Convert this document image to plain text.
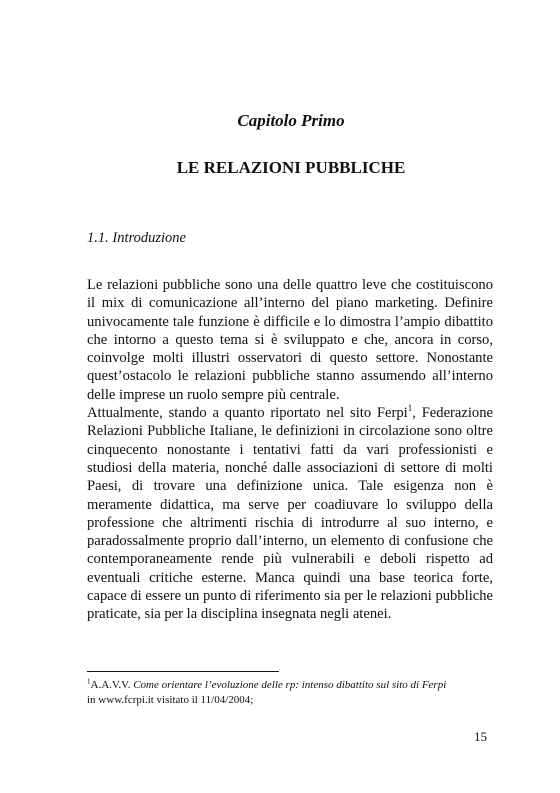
Capitolo Primo
LE RELAZIONI PUBBLICHE
1.1. Introduzione

Le relazioni pubbliche sono una delle quattro leve che costituiscono il mix di comunicazione all’interno del piano marketing. Definire univocamente tale funzione è difficile e lo dimostra l’ampio dibattito che intorno a questo tema si è sviluppato e che, ancora in corso, coinvolge molti illustri osservatori di questo settore. Nonostante quest’ostacolo le relazioni pubbliche stanno assumendo all’interno delle imprese un ruolo sempre più centrale.

Attualmente, stando a quanto riportato nel sito Ferpi$^1$, Federazione Relazioni Pubbliche Italiane, le definizioni in circolazione sono oltre cinquecento nonostante i tentativi fatti da vari professionisti e studiosi della materia, nonché dalle associazioni di settore di molti Paesi, di trovare una definizione unica. Tale esigenza non è meramente didattica, ma serve per coadiuvare lo sviluppo della professione che altrimenti rischia di introdurre al suo interno, e paradossalmente proprio dall’interno, un elemento di confusione che contemporaneamente rende più vulnerabili e deboli rispetto ad eventuali critiche esterne. Manca quindi una base teorica forte, capace di essere un punto di riferimento sia per le relazioni pubbliche praticate, sia per la disciplina insegnata negli atenei.

$^1$A.A.V.V. Come orientare l’evoluzione delle rp: intenso dibattito sul sito di Ferpi
in www.fcrpi.it visitato il 11/04/2004;
15
